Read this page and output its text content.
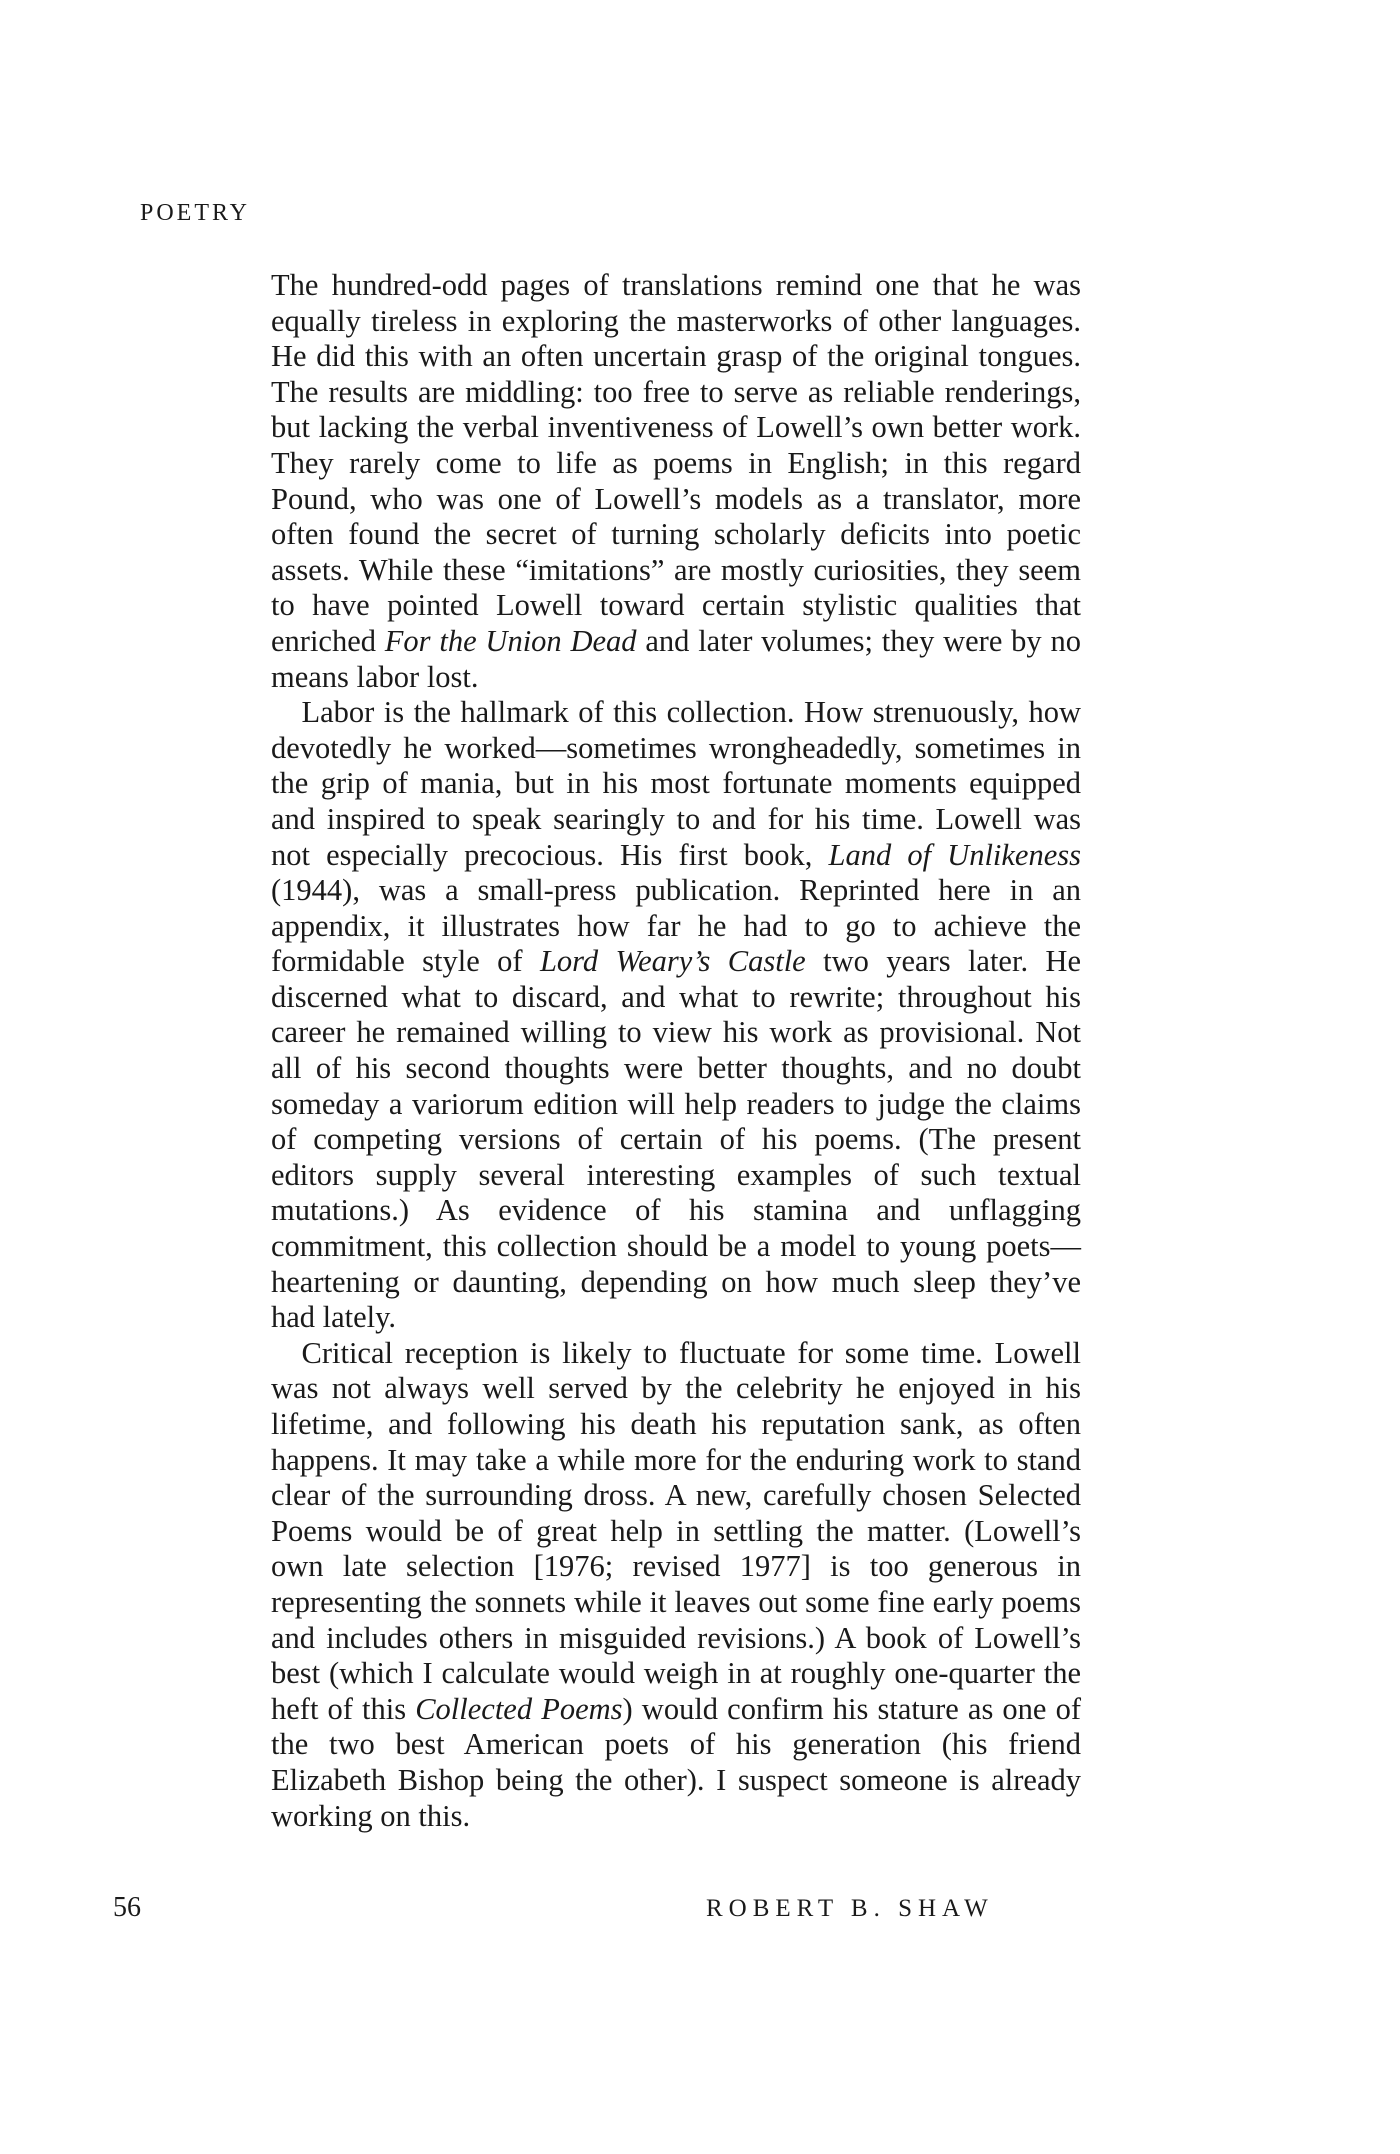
POETRY

The hundred-odd pages of translations remind one that he was equally tireless in exploring the masterworks of other languages. He did this with an often uncertain grasp of the original tongues. The results are middling: too free to serve as reliable renderings, but lacking the verbal inventiveness of Lowell’s own better work. They rarely come to life as poems in English; in this regard Pound, who was one of Lowell’s models as a translator, more often found the secret of turning scholarly deficits into poetic assets. While these “imitations” are mostly curiosities, they seem to have pointed Lowell toward certain stylistic qualities that enriched For the Union Dead and later volumes; they were by no means labor lost.

 Labor is the hallmark of this collection. How strenuously, how devotedly he worked—sometimes wrongheadedly, sometimes in the grip of mania, but in his most fortunate moments equipped and inspired to speak searingly to and for his time. Lowell was not especially precocious. His first book, Land of Unlikeness (1944), was a small-press publication. Reprinted here in an appendix, it illustrates how far he had to go to achieve the formidable style of Lord Weary’s Castle two years later. He discerned what to discard, and what to rewrite; throughout his career he remained willing to view his work as provisional. Not all of his second thoughts were better thoughts, and no doubt someday a variorum edition will help readers to judge the claims of competing versions of certain of his poems. (The present editors supply several interesting examples of such textual mutations.) As evidence of his stamina and unflagging commitment, this collection should be a model to young poets—heartening or daunting, depending on how much sleep they’ve had lately.

 Critical reception is likely to fluctuate for some time. Lowell was not always well served by the celebrity he enjoyed in his lifetime, and following his death his reputation sank, as often happens. It may take a while more for the enduring work to stand clear of the surrounding dross. A new, carefully chosen Selected Poems would be of great help in settling the matter. (Lowell’s own late selection [1976; revised 1977] is too generous in representing the sonnets while it leaves out some fine early poems and includes others in misguided revisions.) A book of Lowell’s best (which I calculate would weigh in at roughly one-quarter the heft of this Collected Poems) would confirm his stature as one of the two best American poets of his generation (his friend Elizabeth Bishop being the other). I suspect someone is already working on this.

56	ROBERT B. SHAW
